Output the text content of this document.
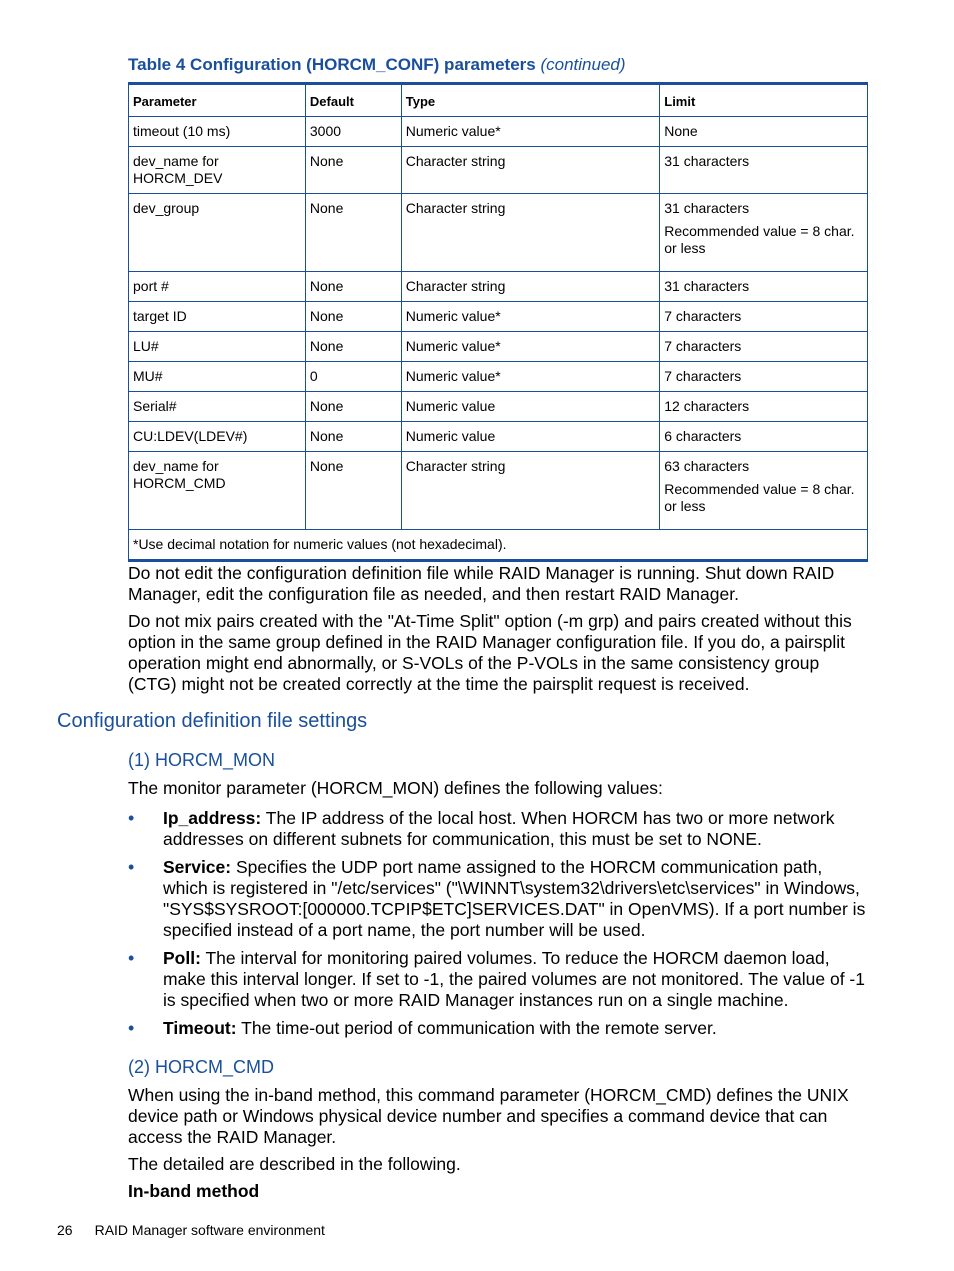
Table 4 Configuration (HORCM_CONF) parameters (continued)
Parameter	Default	Type	Limit
timeout (10 ms)	3000	Numeric value*	None
dev_name for HORCM_DEV	None	Character string	31 characters
dev_group	None	Character string	31 characters
Recommended value = 8 char. or less

port #	None	Character string	31 characters
target ID	None	Numeric value*	7 characters
LU#	None	Numeric value*	7 characters
MU#	0	Numeric value*	7 characters
Serial#	None	Numeric value	12 characters
CU:LDEV(LDEV#)	None	Numeric value	6 characters
dev_name for HORCM_CMD	None	Character string	63 characters
Recommended value = 8 char. or less

*Use decimal notation for numeric values (not hexadecimal).			

Do not edit the configuration definition file while RAID Manager is running. Shut down RAID Manager, edit the configuration file as needed, and then restart RAID Manager.

Do not mix pairs created with the "At-Time Split" option (-m grp) and pairs created without this option in the same group defined in the RAID Manager configuration file. If you do, a pairsplit operation might end abnormally, or S-VOLs of the P-VOLs in the same consistency group (CTG) might not be created correctly at the time the pairsplit request is received.

Configuration definition file settings
(1) HORCM_MON

The monitor parameter (HORCM_MON) defines the following values:

• Ip_address: The IP address of the local host. When HORCM has two or more network addresses on different subnets for communication, this must be set to NONE.
• Service: Specifies the UDP port name assigned to the HORCM communication path, which is registered in "/etc/services" ("\WINNT\system32\drivers\etc\services" in Windows, "SYS$SYSROOT:[000000.TCPIP$ETC]SERVICES.DAT" in OpenVMS). If a port number is specified instead of a port name, the port number will be used.
• Poll: The interval for monitoring paired volumes. To reduce the HORCM daemon load, make this interval longer. If set to -1, the paired volumes are not monitored. The value of -1 is specified when two or more RAID Manager instances run on a single machine.
• Timeout: The time-out period of communication with the remote server.
(2) HORCM_CMD

When using the in-band method, this command parameter (HORCM_CMD) defines the UNIX device path or Windows physical device number and specifies a command device that can access the RAID Manager.

The detailed are described in the following.

In-band method
26 RAID Manager software environment
